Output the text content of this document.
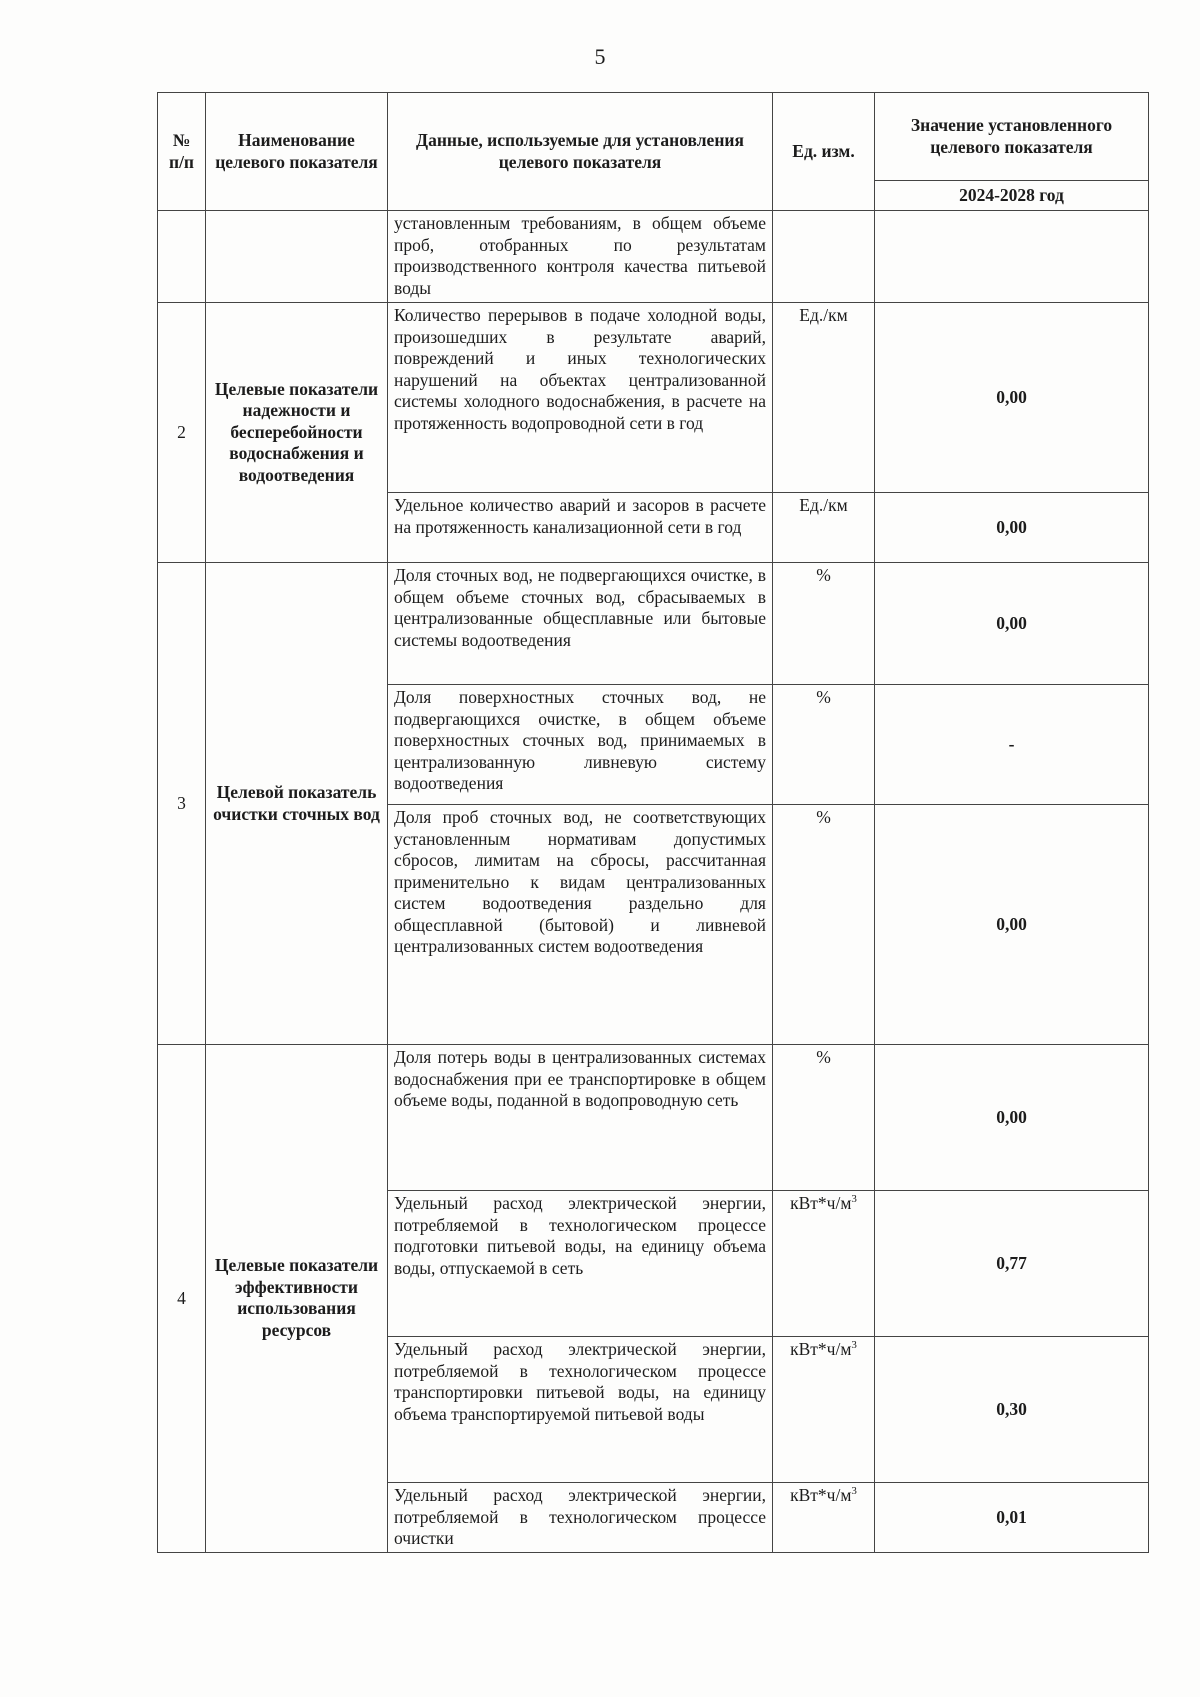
5
№ п/п	Наименование целевого показателя	Данные, используемые для установления целевого показателя	Ед. изм.	Значение установленного целевого показателя
				2024-2028 год
		установленным требованиям, в общем объеме проб, отобранных по результатам производственного контроля качества питьевой воды		
2	Целевые показатели надежности и бесперебойности водоснабжения и водоотведения	Количество перерывов в подаче холодной воды, произошедших в результате аварий, повреждений и иных технологических нарушений на объектах централизованной системы холодного водоснабжения, в расчете на протяженность водопроводной сети в год	Ед./км	0,00
		Удельное количество аварий и засоров в расчете на протяженность канализационной сети в год	Ед./км	0,00
3	Целевой показатель очистки сточных вод	Доля сточных вод, не подвергающихся очистке, в общем объеме сточных вод, сбрасываемых в централизованные общесплавные или бытовые системы водоотведения	%	0,00
		Доля поверхностных сточных вод, не подвергающихся очистке, в общем объеме поверхностных сточных вод, принимаемых в централизованную ливневую систему водоотведения	%	-
		Доля проб сточных вод, не соответствующих установленным нормативам допустимых сбросов, лимитам на сбросы, рассчитанная применительно к видам централизованных систем водоотведения раздельно для общесплавной (бытовой) и ливневой централизованных систем водоотведения	%	0,00
4	Целевые показатели эффективности использования ресурсов	Доля потерь воды в централизованных системах водоснабжения при ее транспортировке в общем объеме воды, поданной в водопроводную сеть	%	0,00
		Удельный расход электрической энергии, потребляемой в технологическом процессе подготовки питьевой воды, на единицу объема воды, отпускаемой в сеть	$кВт*ч/м^3$	0,77
		Удельный расход электрической энергии, потребляемой в технологическом процессе транспортировки питьевой воды, на единицу объема транспортируемой питьевой воды	$кВт*ч/м^3$	0,30
		Удельный расход электрической энергии, потребляемой в технологическом процессе очистки	$кВт*ч/м^3$	0,01
